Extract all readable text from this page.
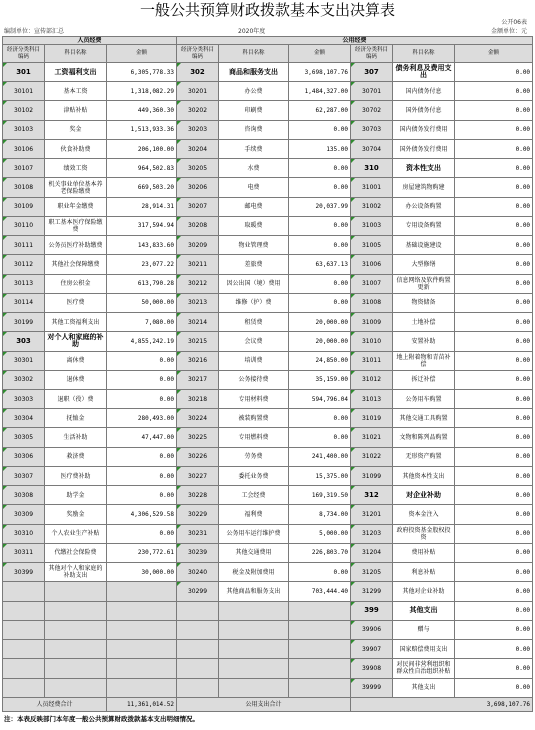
一般公共预算财政拨款基本支出决算表
公开06表
编制单位：宣传部汇总	2020年度	金额单位：元
人员经费			公用经费					
经济分类科目编码	科目名称	金额	经济分类科目编码	科目名称	金额	经济分类科目编码	科目名称	金额
301	工资福利支出	6,305,778.33	302	商品和服务支出	3,698,107.76	307	债务利息及费用支出	0.00
30101	基本工资	1,318,082.29	30201	办公费	1,484,327.00	30701	国内债务付息	0.00
30102	津贴补贴	449,360.30	30202	印刷费	62,287.00	30702	国外债务付息	0.00
30103	奖金	1,513,933.36	30203	咨询费	0.00	30703	国内债务发行费用	0.00
30106	伙食补助费	206,100.00	30204	手续费	135.00	30704	国外债务发行费用	0.00
30107	绩效工资	964,502.83	30205	水费	0.00	310	资本性支出	0.00
30108	机关事业单位基本养老保险缴费	669,503.20	30206	电费	0.00	31001	房屋建筑物购建	0.00
30109	职业年金缴费	28,914.31	30207	邮电费	20,037.99	31002	办公设备购置	0.00
30110	职工基本医疗保险缴费	317,594.94	30208	取暖费	0.00	31003	专用设备购置	0.00
30111	公务员医疗补助缴费	143,833.60	30209	物业管理费	0.00	31005	基础设施建设	0.00
30112	其他社会保障缴费	23,077.22	30211	差旅费	63,637.13	31006	大型修缮	0.00
30113	住房公积金	613,790.28	30212	因公出国（境）费用	0.00	31007	信息网络及软件购置更新	0.00
30114	医疗费	50,000.00	30213	维修（护）费	0.00	31008	物资储备	0.00
30199	其他工资福利支出	7,080.00	30214	租赁费	20,000.00	31009	土地补偿	0.00
303	对个人和家庭的补助	4,855,242.19	30215	会议费	20,000.00	31010	安置补助	0.00
30301	离休费	0.00	30216	培训费	24,850.00	31011	地上附着物和青苗补偿	0.00
30302	退休费	0.00	30217	公务接待费	35,159.00	31012	拆迁补偿	0.00
30303	退职（役）费	0.00	30218	专用材料费	594,796.04	31013	公务用车购置	0.00
30304	抚恤金	280,493.00	30224	被装购置费	0.00	31019	其他交通工具购置	0.00
30305	生活补助	47,447.00	30225	专用燃料费	0.00	31021	文物和陈列品购置	0.00
30306	救济费	0.00	30226	劳务费	241,400.00	31022	无形资产购置	0.00
30307	医疗费补助	0.00	30227	委托业务费	15,375.00	31099	其他资本性支出	0.00
30308	助学金	0.00	30228	工会经费	169,319.50	312	对企业补助	0.00
30309	奖励金	4,306,529.58	30229	福利费	8,734.00	31201	资本金注入	0.00
30310	个人农业生产补贴	0.00	30231	公务用车运行维护费	5,000.00	31203	政府投资基金股权投资	0.00
30311	代缴社会保险费	230,772.61	30239	其他交通费用	226,803.70	31204	费用补贴	0.00
30399	其他对个人和家庭的补助支出	30,000.00	30240	税金及附加费用	0.00	31205	利息补贴	0.00
			30299	其他商品和服务支出	703,444.40	31299	其他对企业补助	0.00
						399	其他支出	0.00
						39906	赠与	0.00
						39907	国家赔偿费用支出	0.00
						39908	对民间非营利组织和群众性自治组织补贴	0.00
						39999	其他支出	0.00
人员经费合计		11,361,014.52	公用支出合计			3,698,107.76		
注：本表反映部门本年度一般公共预算财政拨款基本支出明细情况。
